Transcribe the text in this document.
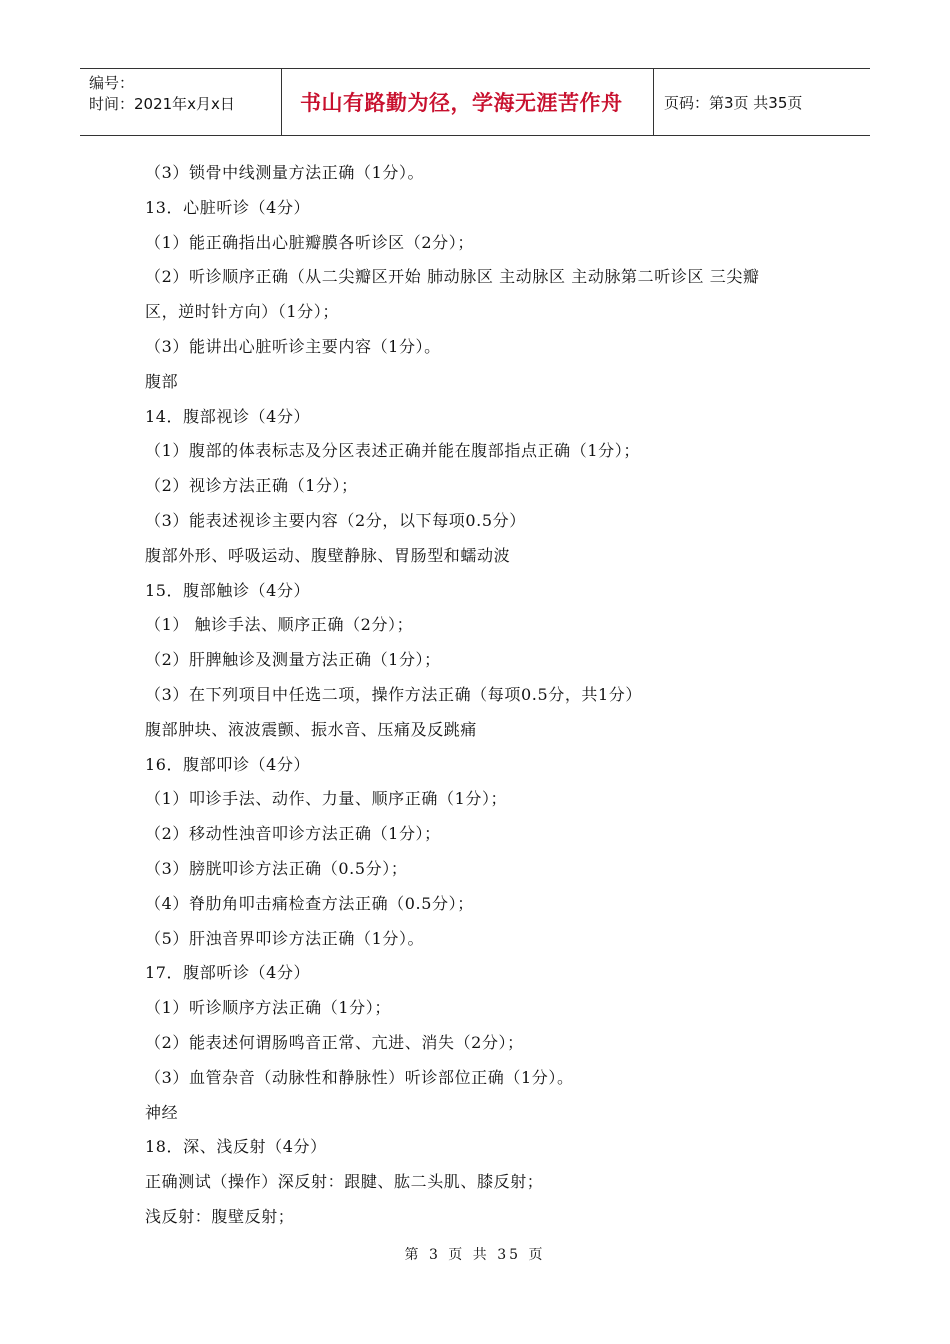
编号：
时间：2021年x月x日	书山有路勤为径，学海无涯苦作舟	页码：第3页 共35页
（3）锁骨中线测量方法正确（1分）。
13．心脏听诊（4分）
（1）能正确指出心脏瓣膜各听诊区（2分）；
（2）听诊顺序正确（从二尖瓣区开始 肺动脉区 主动脉区 主动脉第二听诊区 三尖瓣
区，逆时针方向）（1分）；
（3）能讲出心脏听诊主要内容（1分）。
腹部
14．腹部视诊（4分）
（1）腹部的体表标志及分区表述正确并能在腹部指点正确（1分）；
（2）视诊方法正确（1分）；
（3）能表述视诊主要内容（2分，以下每项0.5分）
腹部外形、呼吸运动、腹壁静脉、胃肠型和蠕动波
15．腹部触诊（4分）
（1） 触诊手法、顺序正确（2分）；
（2）肝脾触诊及测量方法正确（1分）；
（3）在下列项目中任选二项，操作方法正确（每项0.5分，共1分）
腹部肿块、液波震颤、振水音、压痛及反跳痛
16．腹部叩诊（4分）
（1）叩诊手法、动作、力量、顺序正确（1分）；
（2）移动性浊音叩诊方法正确（1分）；
（3）膀胱叩诊方法正确（0.5分）；
（4）脊肋角叩击痛检查方法正确（0.5分）；
（5）肝浊音界叩诊方法正确（1分）。
17．腹部听诊（4分）
（1）听诊顺序方法正确（1分）；
（2）能表述何谓肠鸣音正常、亢进、消失（2分）；
（3）血管杂音（动脉性和静脉性）听诊部位正确（1分）。
神经
18．深、浅反射（4分）
正确测试（操作）深反射：跟腱、肱二头肌、膝反射；
浅反射：腹壁反射；
第 3 页 共 35 页
